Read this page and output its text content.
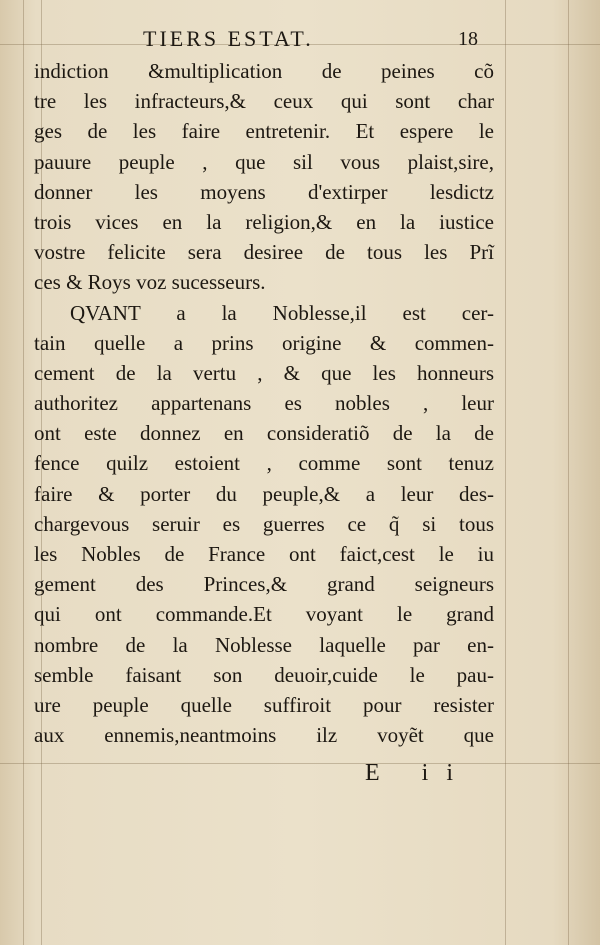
TIERS ESTAT.	18
indiction &multiplication de peines cõ
tre les infracteurs,& ceux qui sont char
ges de les faire entretenir. Et espere le
pauure peuple , que sil vous plaist,sire,
donner les moyens d'extirper lesdictz
trois vices en la religion,& en la iustice
vostre felicite sera desiree de tous les Prĩ
ces & Roys voz sucesseurs.
QVANT a la Noblesse,il est cer-
tain quelle a prins origine & commen-
cement de la vertu , & que les honneurs
authoritez appartenans es nobles , leur
ont este donnez en consideratiõ de la de
fence quilz estoient , comme sont tenuz
faire & porter du peuple,& a leur des-
chargevous seruir es guerres ce q̃ si tous
les Nobles de France ont faict,cest le iu
gement des Princes,& grand seigneurs
qui ont commande.Et voyant le grand
nombre de la Noblesse laquelle par en-
semble faisant son deuoir,cuide le pau-
ure peuple quelle suffiroit pour resister
aux ennemis,neantmoins ilz voyẽt que
E ii
